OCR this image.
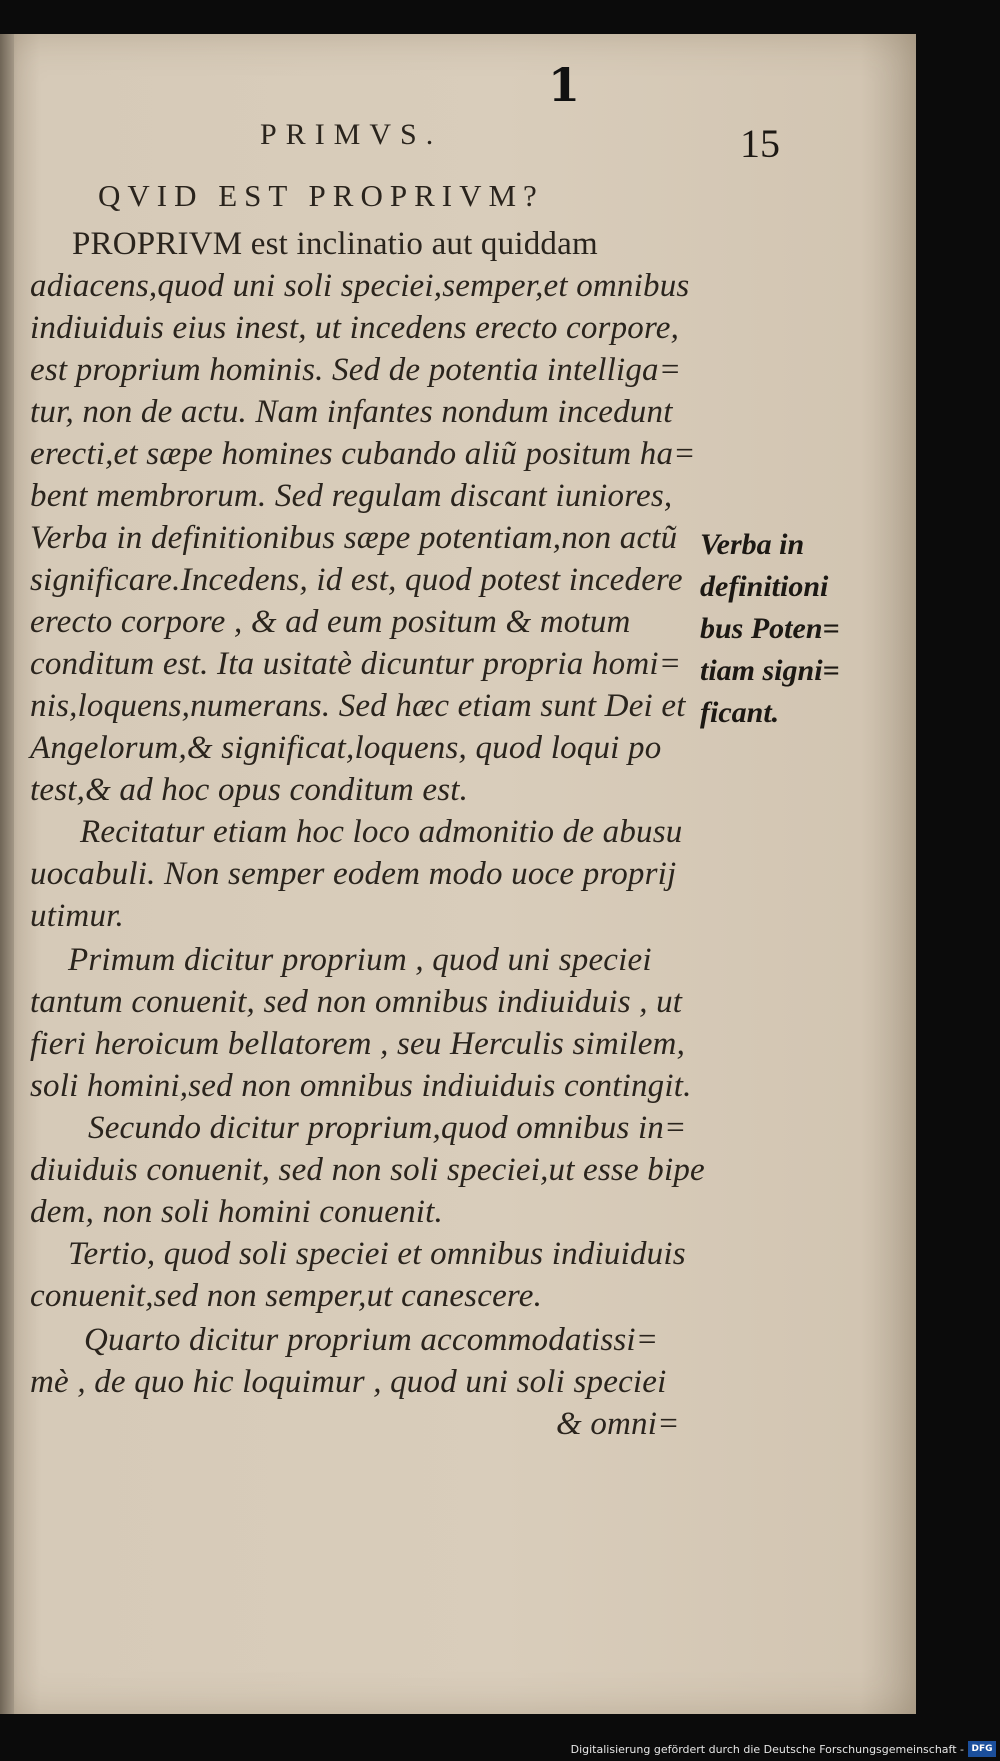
1
PRIMVS.	15
QVID EST PROPRIVM?
PROPRIVM est inclinatio aut quiddam
adiacens,quod uni soli speciei,semper,et omnibus
indiuiduis eius inest, ut incedens erecto corpore,
est proprium hominis. Sed de potentia intelliga=
tur, non de actu. Nam infantes nondum incedunt
erecti,et sæpe homines cubando aliũ positum ha=
bent membrorum. Sed regulam discant iuniores,
Verba in definitionibus sæpe potentiam,non actũ
significare.Incedens, id est, quod potest incedere
erecto corpore , & ad eum positum & motum
conditum est. Ita usitatè dicuntur propria homi=
nis,loquens,numerans. Sed hæc etiam sunt Dei et
Angelorum,& significat,loquens, quod loqui po
test,& ad hoc opus conditum est.
Recitatur etiam hoc loco admonitio de abusu
uocabuli. Non semper eodem modo uoce proprij
utimur.
Primum dicitur proprium , quod uni speciei
tantum conuenit, sed non omnibus indiuiduis , ut
fieri heroicum bellatorem , seu Herculis similem,
soli homini,sed non omnibus indiuiduis contingit.
Secundo dicitur proprium,quod omnibus in=
diuiduis conuenit, sed non soli speciei,ut esse bipe
dem, non soli homini conuenit.
Tertio, quod soli speciei et omnibus indiuiduis
conuenit,sed non semper,ut canescere.
Quarto dicitur proprium accommodatissi=
mè , de quo hic loquimur , quod uni soli speciei
& omni=
Verba in
definitioni
bus Poten=
tiam signi=
ficant.
Digitalisierung gefördert durch die Deutsche Forschungsgemeinschaft - DFG
